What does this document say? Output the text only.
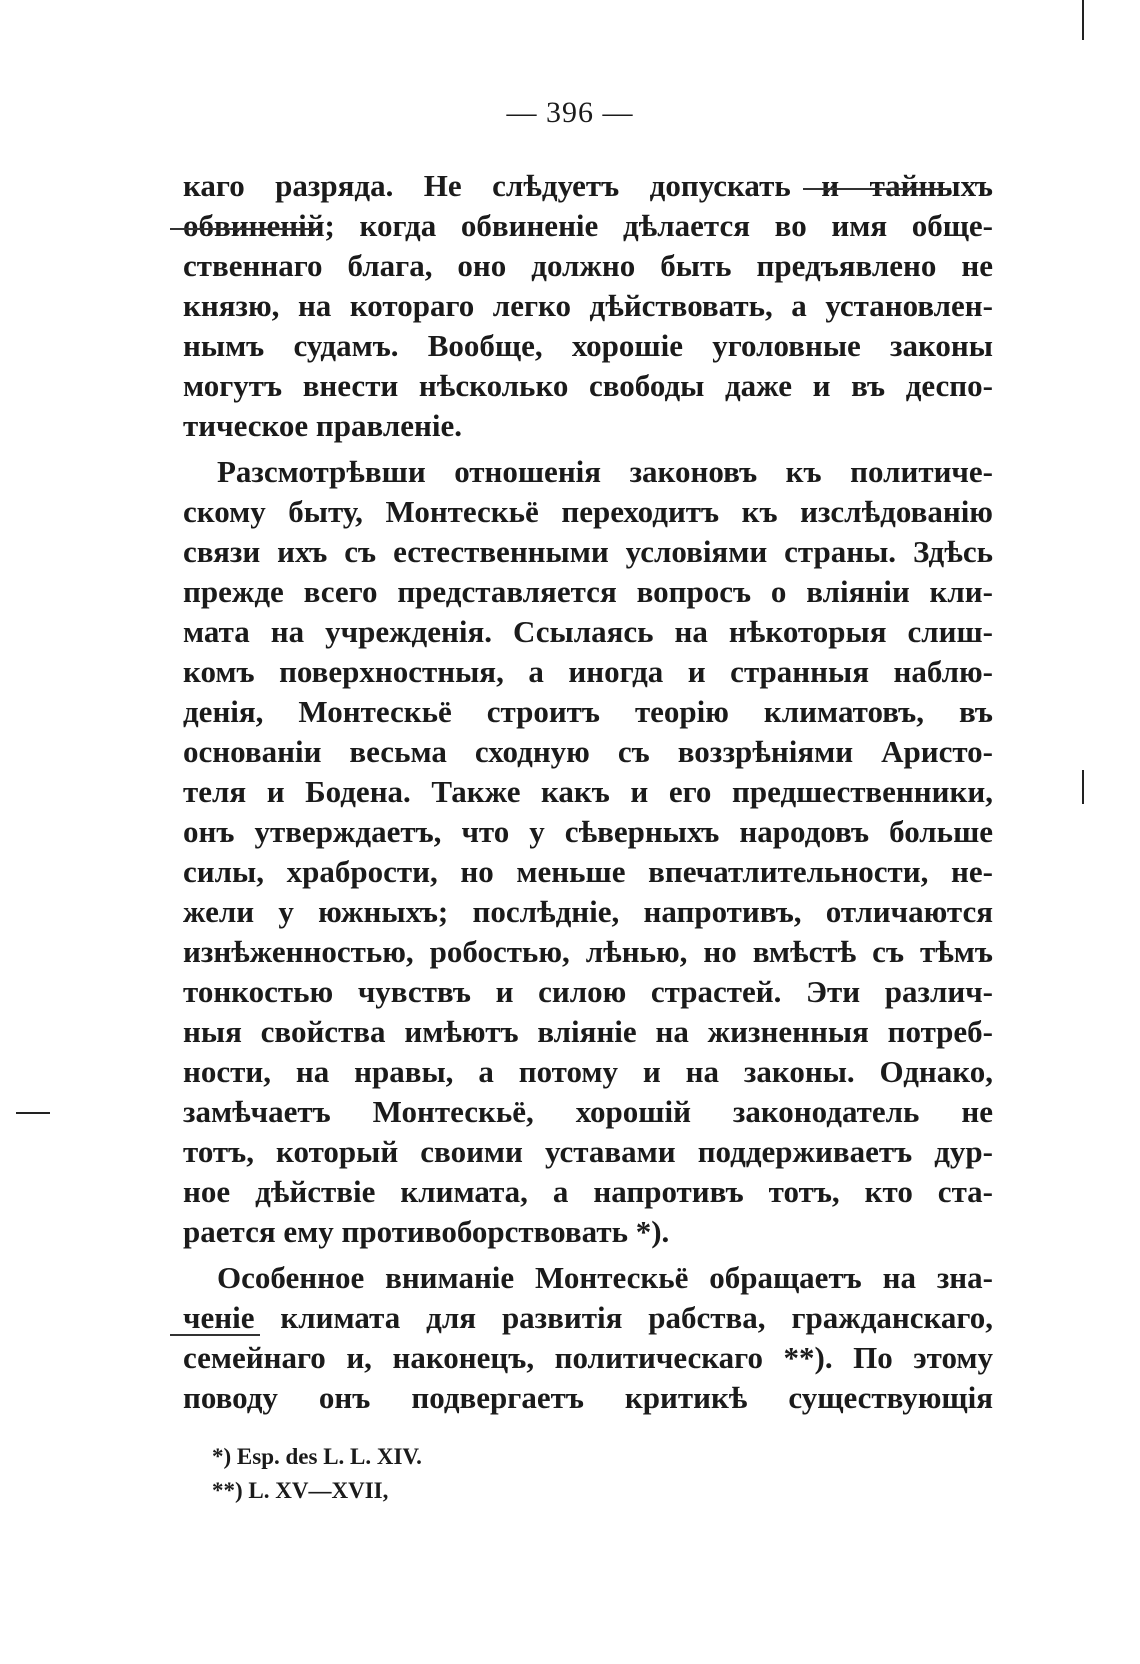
— 396 —
каго разряда. Не слѣдуетъ допускать и тайныхъ
обвиненій; когда обвиненіе дѣлается во имя обще-
ственнаго блага, оно должно быть предъявлено не
князю, на котораго легко дѣйствовать, а установлен-
нымъ судамъ. Вообще, хорошіе уголовные законы
могутъ внести нѣсколько свободы даже и въ деспо-
тическое правленіе.
Разсмотрѣвши отношенія законовъ къ политиче-
скому быту, Монтескьё переходитъ къ изслѣдованію
связи ихъ съ естественными условіями страны. Здѣсь
прежде всего представляется вопросъ о вліяніи кли-
мата на учрежденія. Ссылаясь на нѣкоторыя слиш-
комъ поверхностныя, а иногда и странныя наблю-
денія, Монтескьё строитъ теорію климатовъ, въ
основаніи весьма сходную съ воззрѣніями Аристо-
теля и Бодена. Также какъ и его предшественники,
онъ утверждаетъ, что у сѣверныхъ народовъ больше
силы, храбрости, но меньше впечатлительности, не-
жели у южныхъ; послѣдніе, напротивъ, отличаются
изнѣженностью, робостью, лѣнью, но вмѣстѣ съ тѣмъ
тонкостью чувствъ и силою страстей. Эти различ-
ныя свойства имѣютъ вліяніе на жизненныя потреб-
ности, на нравы, а потому и на законы. Однако,
замѣчаетъ Монтескьё, хорошій законодатель не
тотъ, который своими уставами поддерживаетъ дур-
ное дѣйствіе климата, а напротивъ тотъ, кто ста-
рается ему противоборствовать *).
Особенное вниманіе Монтескьё обращаетъ на зна-
ченіе климата для развитія рабства, гражданскаго,
семейнаго и, наконецъ, политическаго **). По этому
поводу онъ подвергаетъ критикѣ существующія
*) Esp. des L. L. XIV.
**) L. XV—XVII,
